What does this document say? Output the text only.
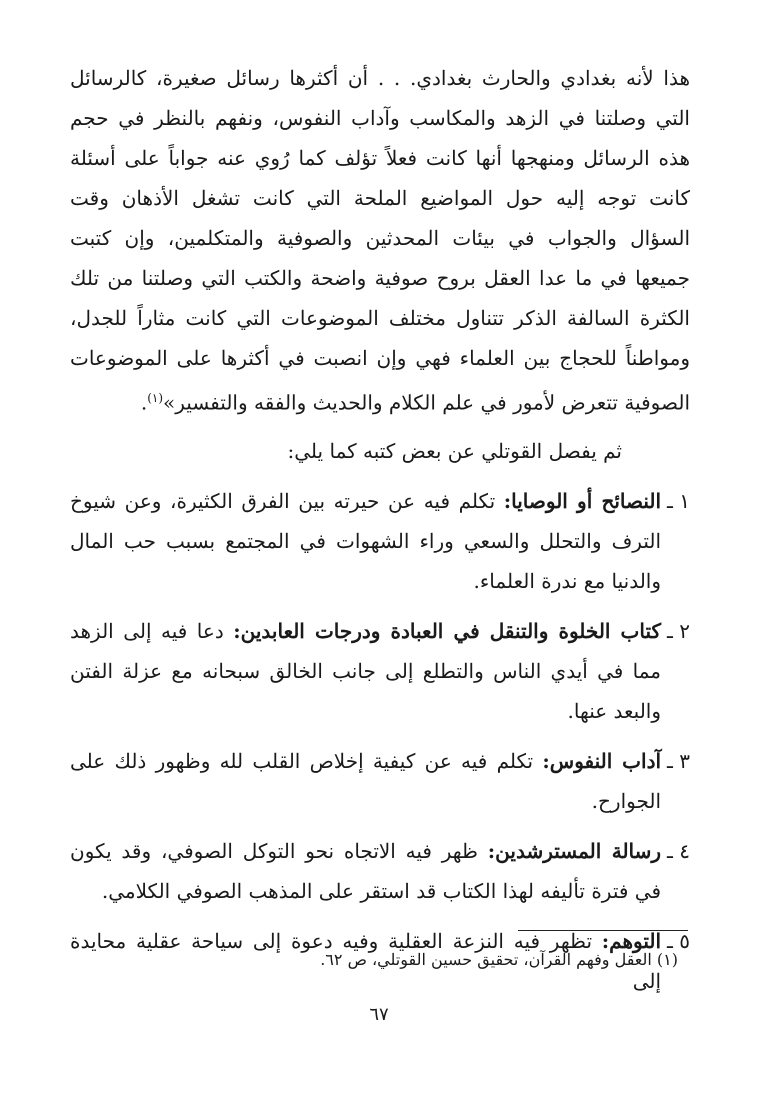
هذا لأنه بغدادي والحارث بغدادي. . . أن أكثرها رسائل صغيرة، كالرسائل التي وصلتنا في الزهد والمكاسب وآداب النفوس، ونفهم بالنظر في حجم هذه الرسائل ومنهجها أنها كانت فعلاً تؤلف كما رُوي عنه جواباً على أسئلة كانت توجه إليه حول المواضيع الملحة التي كانت تشغل الأذهان وقت السؤال والجواب في بيئات المحدثين والصوفية والمتكلمين، وإن كتبت جميعها في ما عدا العقل بروح صوفية واضحة والكتب التي وصلتنا من تلك الكثرة السالفة الذكر تتناول مختلف الموضوعات التي كانت مثاراً للجدل، ومواطناً للحجاج بين العلماء فهي وإن انصبت في أكثرها على الموضوعات الصوفية تتعرض لأمور في علم الكلام والحديث والفقه والتفسير»$^{(١)}$.

ثم يفصل القوتلي عن بعض كتبه كما يلي:
١ ـ
النصائح أو الوصايا: تكلم فيه عن حيرته بين الفرق الكثيرة، وعن شيوخ الترف والتحلل والسعي وراء الشهوات في المجتمع بسبب حب المال والدنيا مع ندرة العلماء.
٢ ـ
كتاب الخلوة والتنقل في العبادة ودرجات العابدين: دعا فيه إلى الزهد مما في أيدي الناس والتطلع إلى جانب الخالق سبحانه مع عزلة الفتن والبعد عنها.
٣ ـ
آداب النفوس: تكلم فيه عن كيفية إخلاص القلب لله وظهور ذلك على الجوارح.
٤ ـ
رسالة المسترشدين: ظهر فيه الاتجاه نحو التوكل الصوفي، وقد يكون في فترة تأليفه لهذا الكتاب قد استقر على المذهب الصوفي الكلامي.
٥ ـ
التوهم: تظهر فيه النزعة العقلية وفيه دعوة إلى سياحة عقلية محايدة إلى
(١) العقل وفهم القرآن، تحقيق حسين القوتلي، ص ٦٢.
٦٧
